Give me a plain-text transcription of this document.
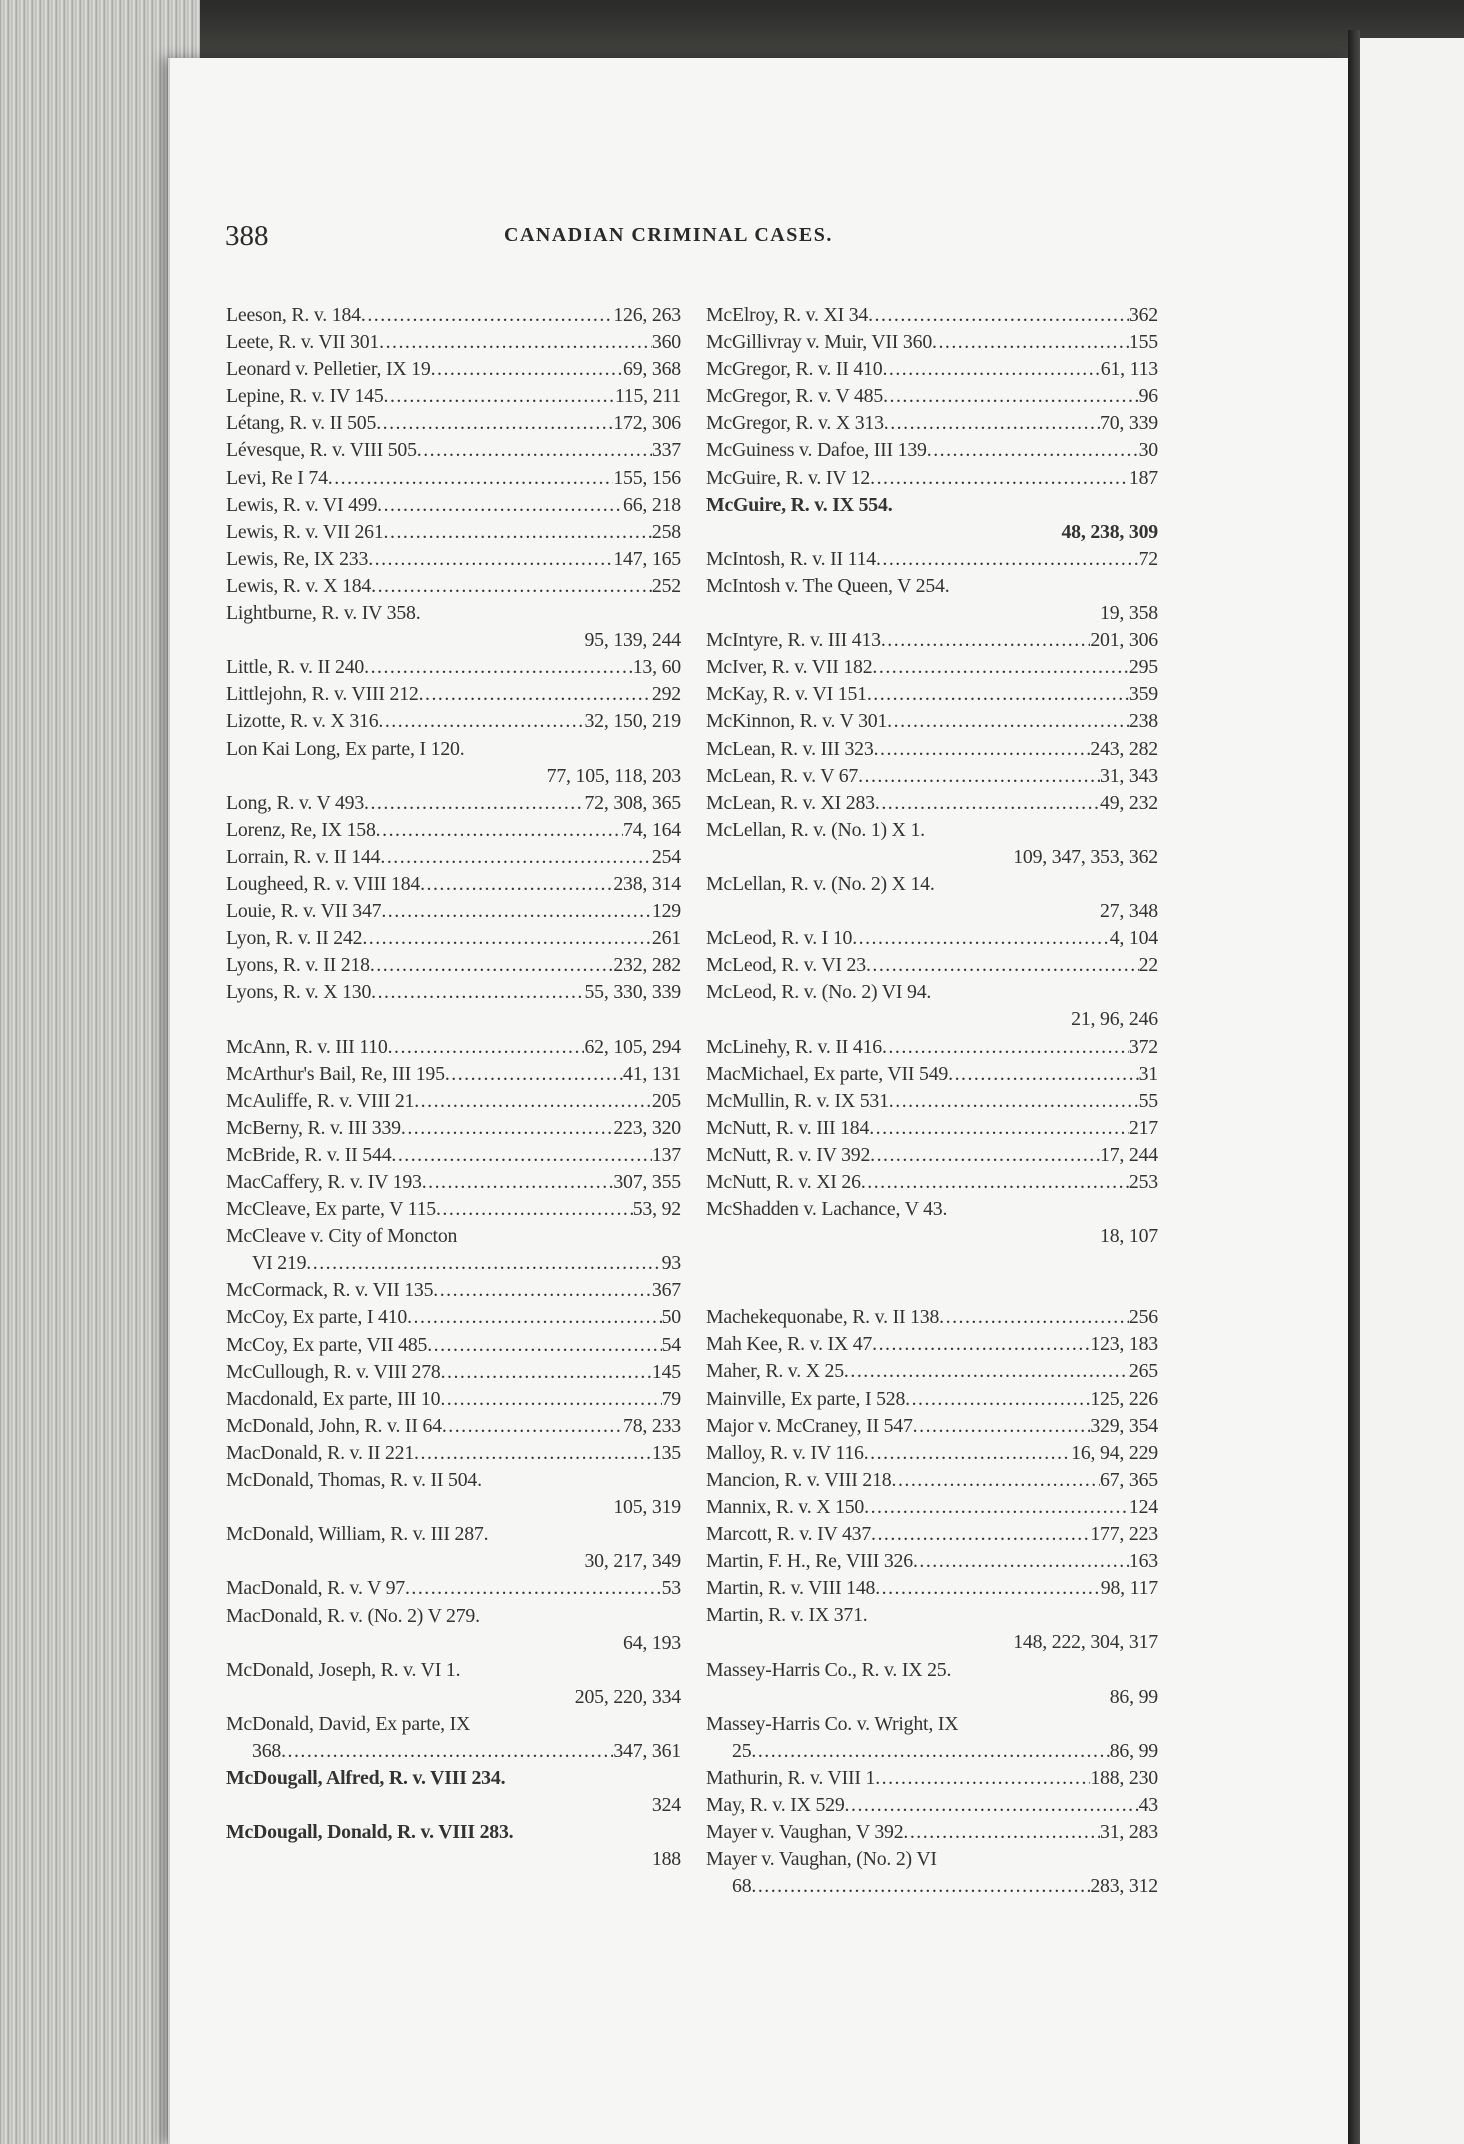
388	CANADIAN CRIMINAL CASES.
Leeson, R. v. 184 .....	126, 263
Leete, R. v. VII 301 .....	360
Leonard v. Pelletier, IX 19 .....	69, 368
Lepine, R. v. IV 145 .....	115, 211
Létang, R. v. II 505 .....	172, 306
Lévesque, R. v. VIII 505 .....	337
Levi, Re I 74 .....	155, 156
Lewis, R. v. VI 499 .....	66, 218
Lewis, R. v. VII 261 .....	258
Lewis, Re, IX 233 .....	147, 165
Lewis, R. v. X 184 .....	252
Lightburne, R. v. IV 358.
95, 139, 244
Little, R. v. II 240 .....	13, 60
Littlejohn, R. v. VIII 212 .....	292
Lizotte, R. v. X 316 .....	32, 150, 219
Lon Kai Long, Ex parte, I 120.
77, 105, 118, 203
Long, R. v. V 493 .....	72, 308, 365
Lorenz, Re, IX 158 .....	74, 164
Lorrain, R. v. II 144 .....	254
Lougheed, R. v. VIII 184 .....	238, 314
Louie, R. v. VII 347 .....	129
Lyon, R. v. II 242 .....	261
Lyons, R. v. II 218 .....	232, 282
Lyons, R. v. X 130 .....	55, 330, 339
McAnn, R. v. III 110 .....	62, 105, 294
McArthur's Bail, Re, III 195 .....	41, 131
McAuliffe, R. v. VIII 21 .....	205
McBerny, R. v. III 339 .....	223, 320
McBride, R. v. II 544 .....	137
MacCaffery, R. v. IV 193 .....	307, 355
McCleave, Ex parte, V 115 .....	53, 92
McCleave v. City of Moncton
VI 219 .....	93
McCormack, R. v. VII 135 .....	367
McCoy, Ex parte, I 410 .....	50
McCoy, Ex parte, VII 485 .....	54
McCullough, R. v. VIII 278 .....	145
Macdonald, Ex parte, III 10 .....	79
McDonald, John, R. v. II 64 .....	78, 233
MacDonald, R. v. II 221 .....	135
McDonald, Thomas, R. v. II 504.
105, 319
McDonald, William, R. v. III 287.
30, 217, 349
MacDonald, R. v. V 97 .....	53
MacDonald, R. v. (No. 2) V 279.
64, 193
McDonald, Joseph, R. v. VI 1.
205, 220, 334
McDonald, David, Ex parte, IX
368 .....	347, 361
McDougall, Alfred, R. v. VIII 234.
324
McDougall, Donald, R. v. VIII 283.
188
McElroy, R. v. XI 34 .....	362
McGillivray v. Muir, VII 360 .....	155
McGregor, R. v. II 410 .....	61, 113
McGregor, R. v. V 485 .....	96
McGregor, R. v. X 313 .....	70, 339
McGuiness v. Dafoe, III 139 .....	30
McGuire, R. v. IV 12 .....	187
McGuire, R. v. IX 554.
48, 238, 309
McIntosh, R. v. II 114 .....	72
McIntosh v. The Queen, V 254.
19, 358
McIntyre, R. v. III 413 .....	201, 306
McIver, R. v. VII 182 .....	295
McKay, R. v. VI 151 .....	359
McKinnon, R. v. V 301 .....	238
McLean, R. v. III 323 .....	243, 282
McLean, R. v. V 67 .....	31, 343
McLean, R. v. XI 283 .....	49, 232
McLellan, R. v. (No. 1) X 1.
109, 347, 353, 362
McLellan, R. v. (No. 2) X 14.
27, 348
McLeod, R. v. I 10 .....	4, 104
McLeod, R. v. VI 23 .....	22
McLeod, R. v. (No. 2) VI 94.
21, 96, 246
McLinehy, R. v. II 416 .....	372
MacMichael, Ex parte, VII 549 .....	31
McMullin, R. v. IX 531 .....	55
McNutt, R. v. III 184 .....	217
McNutt, R. v. IV 392 .....	17, 244
McNutt, R. v. XI 26 .....	253
McShadden v. Lachance, V 43.
18, 107
Machekequonabe, R. v. II 138 .....	256
Mah Kee, R. v. IX 47 .....	123, 183
Maher, R. v. X 25 .....	265
Mainville, Ex parte, I 528 .....	125, 226
Major v. McCraney, II 547 .....	329, 354
Malloy, R. v. IV 116 .....	16, 94, 229
Mancion, R. v. VIII 218 .....	67, 365
Mannix, R. v. X 150 .....	124
Marcott, R. v. IV 437 .....	177, 223
Martin, F. H., Re, VIII 326 .....	163
Martin, R. v. VIII 148 .....	98, 117
Martin, R. v. IX 371.
148, 222, 304, 317
Massey-Harris Co., R. v. IX 25.
86, 99
Massey-Harris Co. v. Wright, IX
25 .....	86, 99
Mathurin, R. v. VIII 1 .....	188, 230
May, R. v. IX 529 .....	43
Mayer v. Vaughan, V 392 .....	31, 283
Mayer v. Vaughan, (No. 2) VI
68 .....	283, 312
